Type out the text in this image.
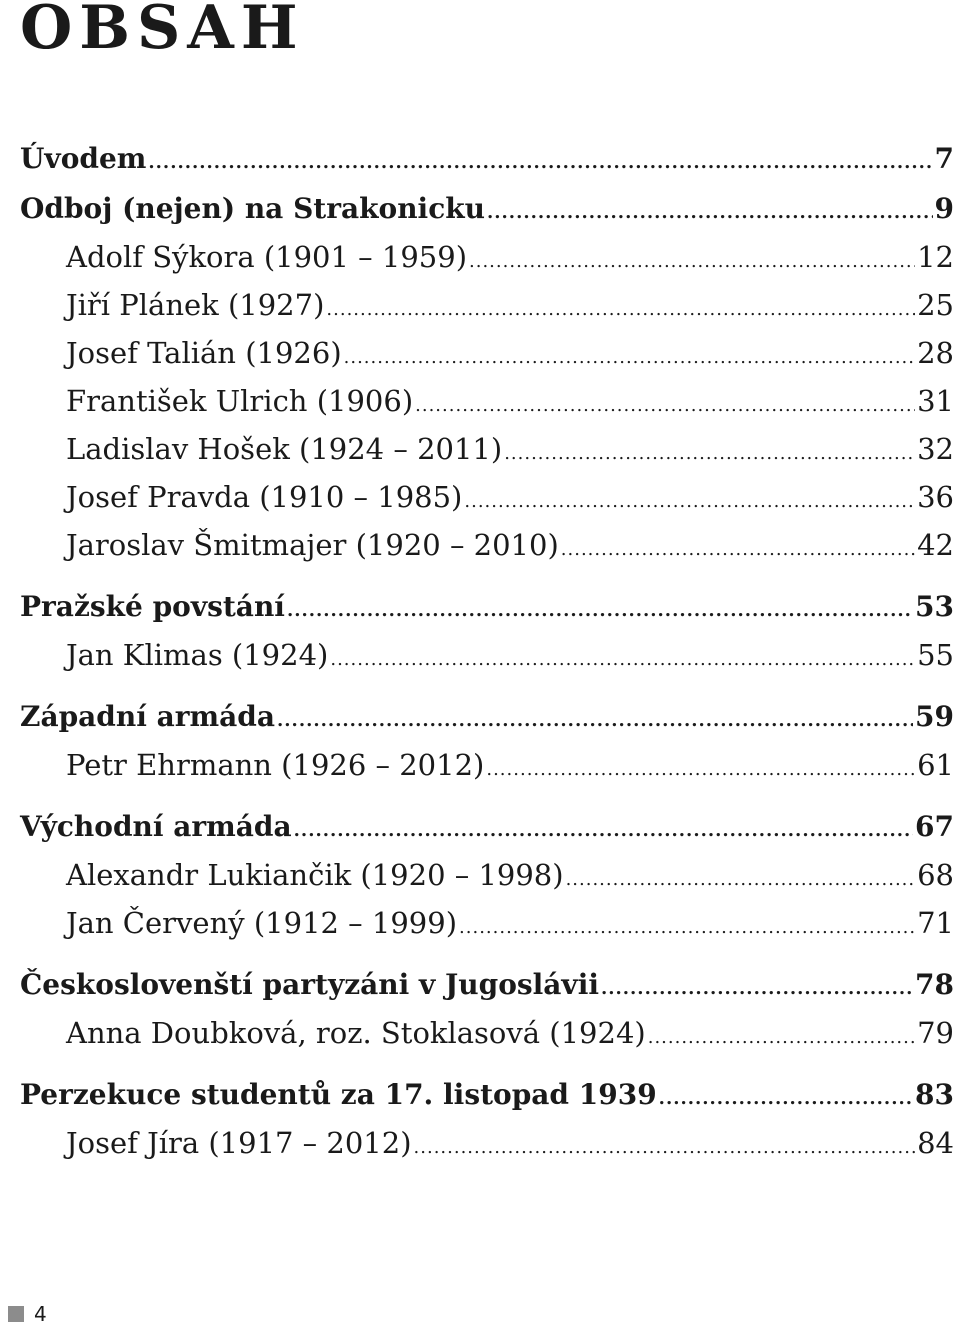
OBSAH
Úvodem .....	7
Odboj (nejen) na Strakonicku .....	9
Adolf Sýkora (1901 – 1959) .....	12
Jiří Plánek (1927) .....	25
Josef Talián (1926) .....	28
František Ulrich (1906) .....	31
Ladislav Hošek (1924 – 2011) .....	32
Josef Pravda (1910 – 1985) .....	36
Jaroslav Šmitmajer (1920 – 2010) .....	42
Pražské povstání .....	53
Jan Klimas (1924) .....	55
Západní armáda .....	59
Petr Ehrmann (1926 – 2012) .....	61
Východní armáda .....	67
Alexandr Lukiančik (1920 – 1998) .....	68
Jan Červený (1912 – 1999) .....	71
Českoslovenští partyzáni v Jugoslávii .....	78
Anna Doubková, roz. Stoklasová (1924) .....	79
Perzekuce studentů za 17. listopad 1939 .....	83
Josef Jíra (1917 – 2012) .....	84
4
